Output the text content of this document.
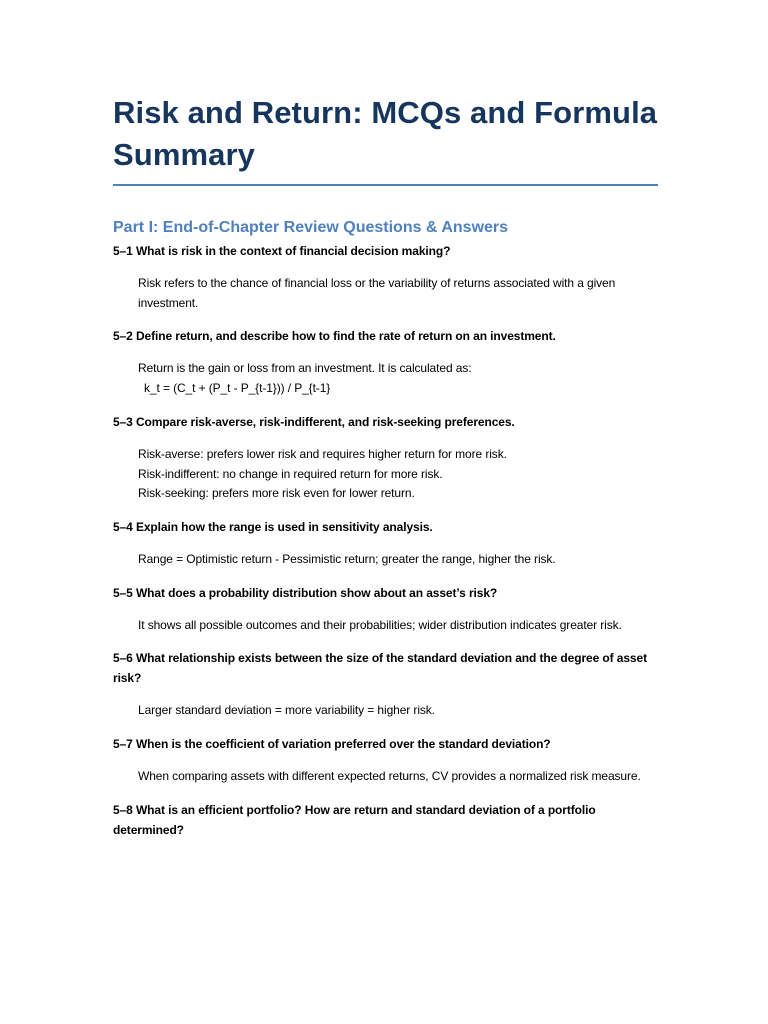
Risk and Return: MCQs and Formula Summary
Part I: End-of-Chapter Review Questions & Answers

5–1 What is risk in the context of financial decision making?

Risk refers to the chance of financial loss or the variability of returns associated with a given investment.

5–2 Define return, and describe how to find the rate of return on an investment.

Return is the gain or loss from an investment. It is calculated as:
k_t = (C_t + (P_t - P_{t-1})) / P_{t-1}

5–3 Compare risk-averse, risk-indifferent, and risk-seeking preferences.

Risk-averse: prefers lower risk and requires higher return for more risk.
Risk-indifferent: no change in required return for more risk.
Risk-seeking: prefers more risk even for lower return.

5–4 Explain how the range is used in sensitivity analysis.

Range = Optimistic return - Pessimistic return; greater the range, higher the risk.

5–5 What does a probability distribution show about an asset’s risk?

It shows all possible outcomes and their probabilities; wider distribution indicates greater risk.

5–6 What relationship exists between the size of the standard deviation and the degree of asset risk?

Larger standard deviation = more variability = higher risk.

5–7 When is the coefficient of variation preferred over the standard deviation?

When comparing assets with different expected returns, CV provides a normalized risk measure.

5–8 What is an efficient portfolio? How are return and standard deviation of a portfolio determined?
